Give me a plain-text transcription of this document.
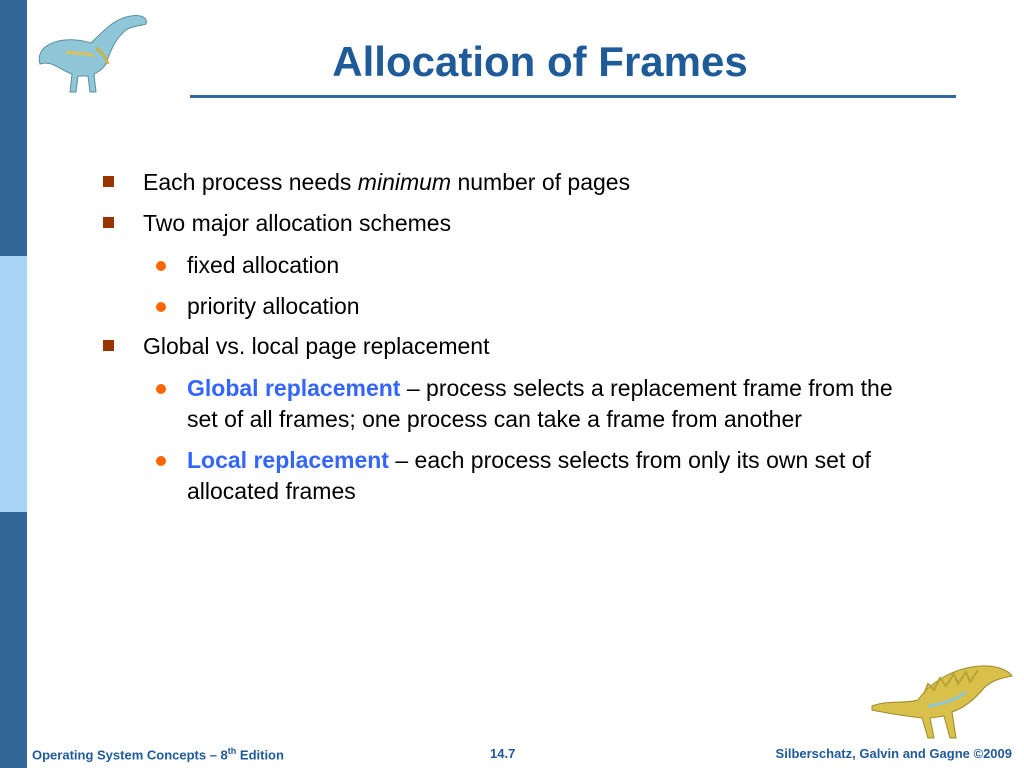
Allocation of Frames
Each process needs minimum number of pages
Two major allocation schemes
fixed allocation
priority allocation
Global vs. local page replacement
Global replacement – process selects a replacement frame from the set of all frames; one process can take a frame from another
Local replacement – each process selects from only its own set of allocated frames
Operating System Concepts – 8th Edition	14.7	Silberschatz, Galvin and Gagne ©2009
